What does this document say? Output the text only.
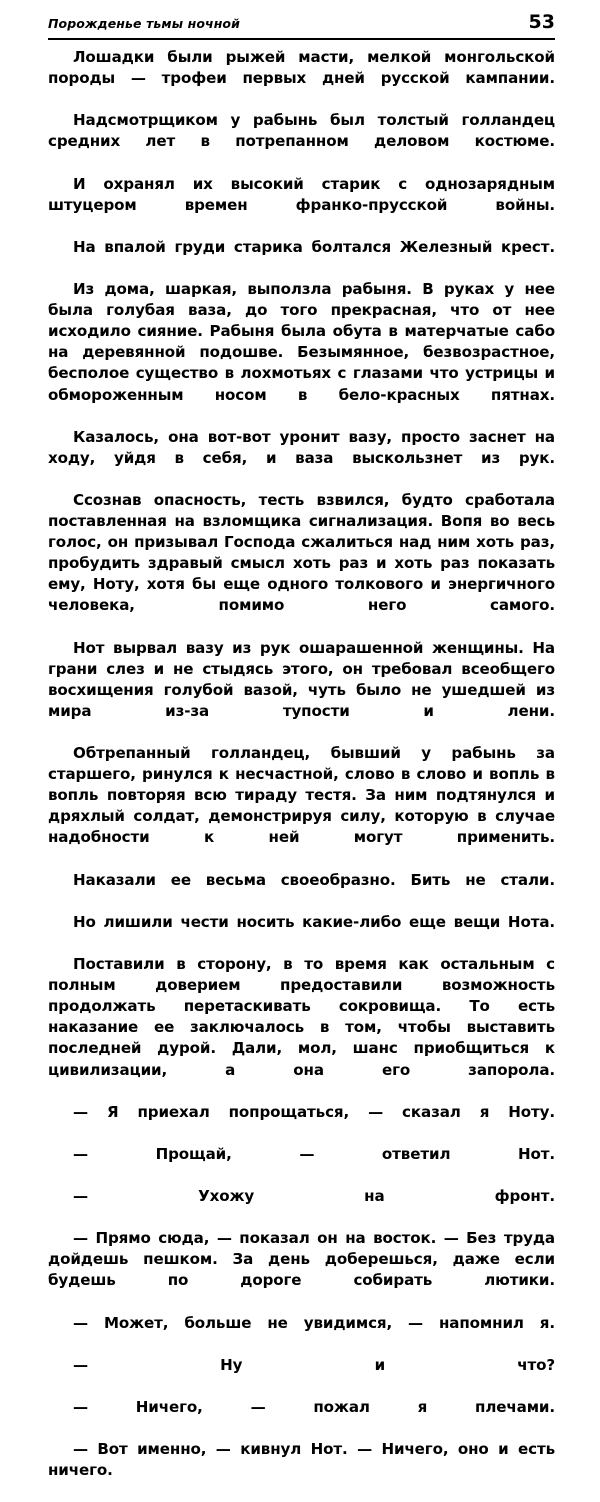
Порожденье тьмы ночной	53

Лошадки были рыжей масти, мелкой монгольской породы — трофеи первых дней русской кампании.

Надсмотрщиком у рабынь был толстый голландец средних лет в потрепанном деловом костюме.

И охранял их высокий старик с однозарядным штуцером времен франко-прусской войны.

На впалой груди старика болтался Железный крест.

Из дома, шаркая, выползла рабыня. В руках у нее была голубая ваза, до того прекрасная, что от нее исходило сияние. Рабыня была обута в матерчатые сабо на деревянной подошве. Безымянное, безвозрастное, бесполое существо в лохмотьях с глазами что устрицы и обмороженным носом в бело-красных пятнах.

Казалось, она вот-вот уронит вазу, просто заснет на ходу, уйдя в себя, и ваза выскользнет из рук.

Ссознав опасность, тесть взвился, будто сработала поставленная на взломщика сигнализация. Вопя во весь голос, он призывал Господа сжалиться над ним хоть раз, пробудить здравый смысл хоть раз и хоть раз показать ему, Ноту, хотя бы еще одного толкового и энергичного человека, помимо него самого.

Нот вырвал вазу из рук ошарашенной женщины. На грани слез и не стыдясь этого, он требовал всеобщего восхищения голубой вазой, чуть было не ушедшей из мира из-за тупости и лени.

Обтрепанный голландец, бывший у рабынь за старшего, ринулся к несчастной, слово в слово и вопль в вопль повторяя всю тираду тестя. За ним подтянулся и дряхлый солдат, демонстрируя силу, которую в случае надобности к ней могут применить.

Наказали ее весьма своеобразно. Бить не стали.

Но лишили чести носить какие-либо еще вещи Нота.

Поставили в сторону, в то время как остальным с полным доверием предоставили возможность продолжать перетаскивать сокровища. То есть наказание ее заключалось в том, чтобы выставить последней дурой. Дали, мол, шанс приобщиться к цивилизации, а она его запорола.

— Я приехал попрощаться, — сказал я Ноту.

— Прощай, — ответил Нот.

— Ухожу на фронт.

— Прямо сюда, — показал он на восток. — Без труда дойдешь пешком. За день доберешься, даже если будешь по дороге собирать лютики.

— Может, больше не увидимся, — напомнил я.

— Ну и что?

— Ничего, — пожал я плечами.

— Вот именно, — кивнул Нот. — Ничего, оно и есть ничего.
